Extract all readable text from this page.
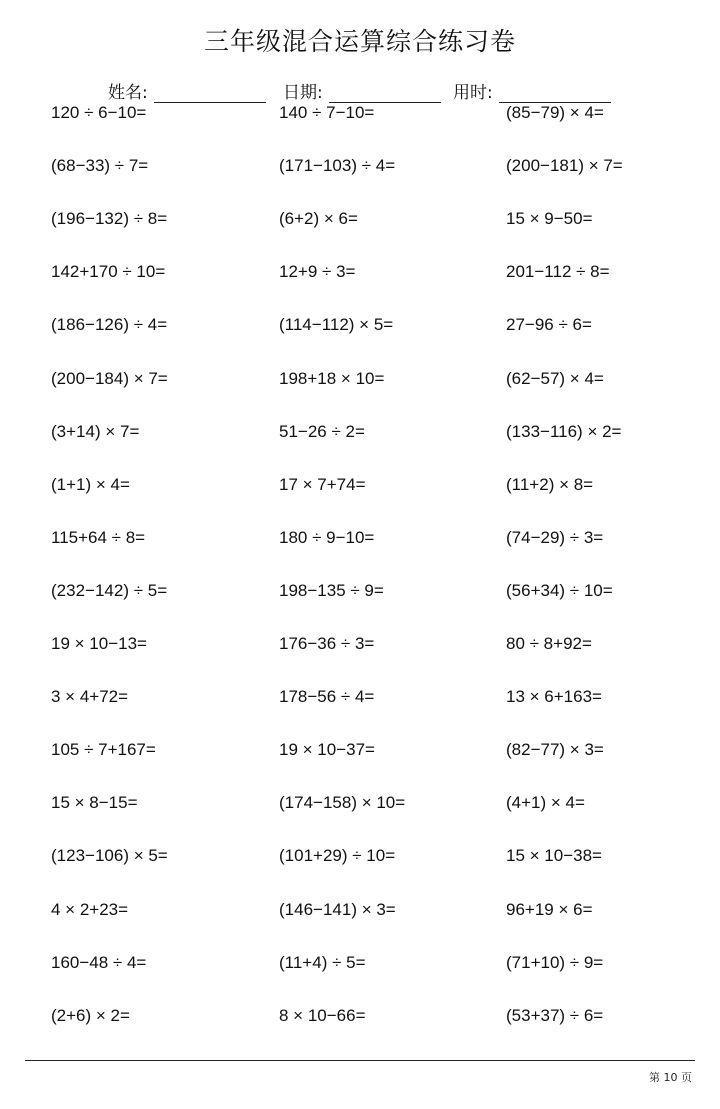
三年级混合运算综合练习卷
姓名:	日期:	用时:
120 ÷ 6−10=	140 ÷ 7−10=	(85−79) × 4=
(68−33) ÷ 7=	(171−103) ÷ 4=	(200−181) × 7=
(196−132) ÷ 8=	(6+2) × 6=	15 × 9−50=
142+170 ÷ 10=	12+9 ÷ 3=	201−112 ÷ 8=
(186−126) ÷ 4=	(114−112) × 5=	27−96 ÷ 6=
(200−184) × 7=	198+18 × 10=	(62−57) × 4=
(3+14) × 7=	51−26 ÷ 2=	(133−116) × 2=
(1+1) × 4=	17 × 7+74=	(11+2) × 8=
115+64 ÷ 8=	180 ÷ 9−10=	(74−29) ÷ 3=
(232−142) ÷ 5=	198−135 ÷ 9=	(56+34) ÷ 10=
19 × 10−13=	176−36 ÷ 3=	80 ÷ 8+92=
3 × 4+72=	178−56 ÷ 4=	13 × 6+163=
105 ÷ 7+167=	19 × 10−37=	(82−77) × 3=
15 × 8−15=	(174−158) × 10=	(4+1) × 4=
(123−106) × 5=	(101+29) ÷ 10=	15 × 10−38=
4 × 2+23=	(146−141) × 3=	96+19 × 6=
160−48 ÷ 4=	(11+4) ÷ 5=	(71+10) ÷ 9=
(2+6) × 2=	8 × 10−66=	(53+37) ÷ 6=
第 10 页
